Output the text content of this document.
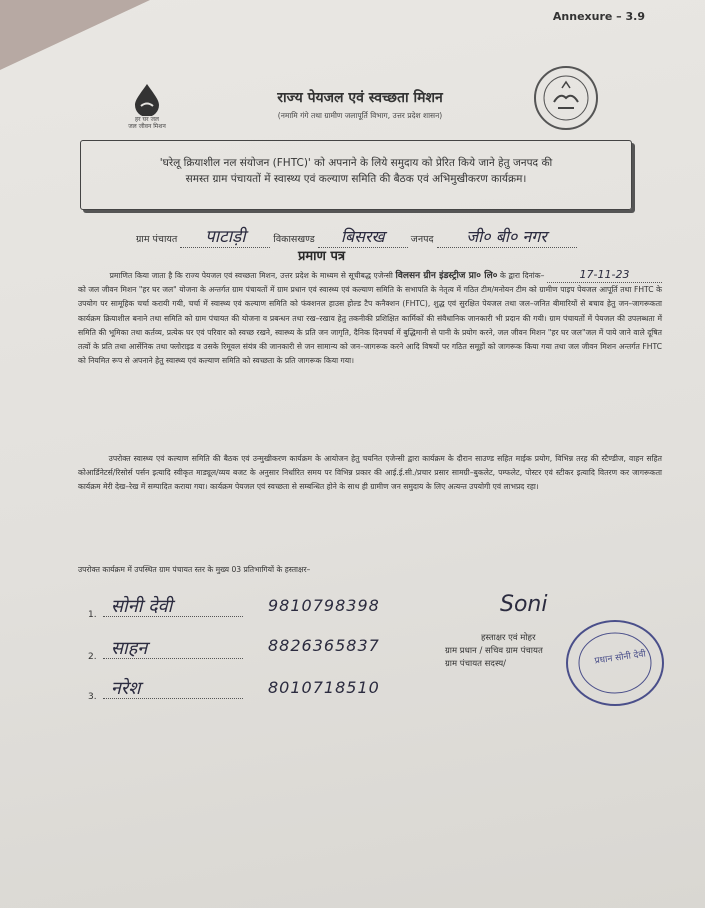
Annexure – 3.9
हर घर जल
जल जीवन मिशन
राज्य पेयजल एवं स्वच्छता मिशन
(नमामि गंगे तथा ग्रामीण जलापूर्ति विभाग, उत्तर प्रदेश शासन)
'घरेलू क्रियाशील नल संयोजन (FHTC)' को अपनाने के लिये समुदाय को प्रेरित किये जाने हेतु जनपद की
समस्त ग्राम पंचायतों में स्वास्थ्य एवं कल्याण समिति की बैठक एवं अभिमुखीकरण कार्यक्रम।
ग्राम पंचायत पाटाड़ी	विकासखण्ड बिसरख	जनपद जी० बी० नगर
प्रमाण पत्र
प्रमाणित किया जाता है कि राज्य पेयजल एवं स्वच्छता मिशन, उत्तर प्रदेश के माध्यम से सूचीबद्ध एजेन्सी विलसन ग्रीन इंडस्ट्रीज प्रा० लि० के द्वारा दिनांक–	17-11-23 को जल जीवन मिशन "हर घर जल" योजना के अन्तर्गत ग्राम पंचायतों में ग्राम प्रधान एवं स्वास्थ्य एवं कल्याण समिति के सभापति के नेतृत्व में गठित टीम/मनोयन टीम को ग्रामीण पाइप पेयजल आपूर्ति तथा FHTC के उपयोग पर सामूहिक चर्चा करायी गयी, चर्चा में स्वास्थ्य एवं कल्याण समिति को फंक्शनल हाउस होल्ड टैप कनैक्शन (FHTC), शुद्ध एवं सुरक्षित पेयजल तथा जल–जनित बीमारियों से बचाव हेतु जन–जागरूकता कार्यक्रम क्रियाशील बनाने तथा समिति को ग्राम पंचायत की योजना व प्रबन्धन तथा रख–रखाव हेतु तकनीकी प्रशिक्षित कार्मिकों की संवैधानिक जानकारी भी प्रदान की गयी। ग्राम पंचायतों में पेयजल की उपलब्धता में समिति की भूमिका तथा कर्तव्य, प्रत्येक घर एवं परिवार को स्वच्छ रखने, स्वास्थ्य के प्रति जन जागृति, दैनिक दिनचर्या में बुद्धिमानी से पानी के प्रयोग करने, जल जीवन मिशन "हर घर जल"जल में पाये जाने वाले दूषित तत्वों के प्रति तथा आर्सेनिक तथा फ्लोराइड व उसके रिमूवल संयंत्र की जानकारी से जन सामान्य को जन–जागरूक करने आदि विषयों पर गठित समूहों को जागरूक किया गया तथा जल जीवन मिशन अन्तर्गत FHTC को नियमित रूप से अपनाने हेतु स्वास्थ्य एवं कल्याण समिति को स्वच्छता के प्रति जागरूक किया गया।
उपरोक्त स्वास्थ्य एवं कल्याण समिति की बैठक एवं उन्मुखीकरण कार्यक्रम के आयोजन हेतु चयनित एजेन्सी द्वारा कार्यक्रम के दौरान साउण्ड सहित माईक प्रयोग, विभिन्न तरह की स्टैण्डीज, वाहन सहित कोआर्डिनेटर्स/रिसोर्स पर्सन इत्यादि स्वीकृत माड्यूल/व्यय बजट के अनुसार निर्धारित समय पर विभिन्न प्रकार की आई.ई.सी./प्रचार प्रसार सामग्री–बुकलेट, पम्फलेट, पोस्टर एवं स्टीकर इत्यादि वितरण कर जागरूकता कार्यक्रम मेरी देख–रेख में सम्पादित कराया गया। कार्यक्रम पेयजल एवं स्वच्छता से सम्बन्धित होने के साथ ही ग्रामीण जन समुदाय के लिए अत्यन्त उपयोगी एवं लाभप्रद रहा।
उपरोक्त कार्यक्रम में उपस्थित ग्राम पंचायत स्तर के मुख्य 03 प्रतिभागियों के हस्ताक्षर–
1. सोनी देवी	9810798398
2. साहन	8826365837
3. नरेश	8010718510
Soni
हस्ताक्षर एवं मोहर
ग्राम प्रधान / सचिव ग्राम पंचायत
ग्राम पंचायत सदस्य/	प्रधान सोनी देवी
